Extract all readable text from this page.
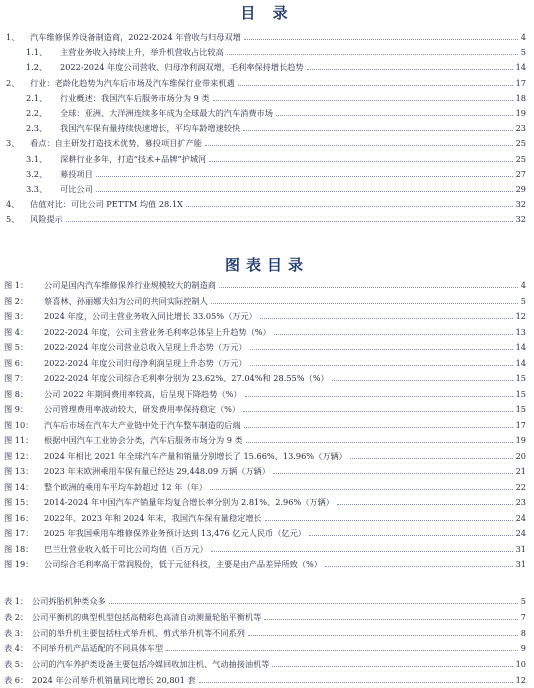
目 录
1、 汽车维修保养设备制造商，2022-2024 年营收与归母双增	4
1.1、 主营业务收入持续上升，举升机营收占比较高	5
1.2、 2022-2024 年度公司营收、归母净利润双增，毛利率保持增长趋势	14
2、 行业：老龄化趋势为汽车后市场及汽车维保行业带来机遇	17
2.1、 行业概述：我国汽车后服务市场分为 9 类	18
2.2、 全球：亚洲、大洋洲连续多年成为全球最大的汽车消费市场	19
2.3、 我国汽车保有量持续快速增长，平均车龄增速较快	23
3、 看点：自主研发打造技术优势，募投项目扩产能	25
3.1、 深耕行业多年，打造“技术+品牌”护城河	25
3.2、 募投项目	27
3.3、 可比公司	29
4、 估值对比：可比公司 PETTM 均值 28.1X	32
5、 风险提示	32
图表目录
图 1： 公司是国内汽车维修保养行业规模较大的制造商	4
图 2： 蔡喜林、孙丽娜夫妇为公司的共同实际控制人	5
图 3： 2024 年度，公司主营业务收入同比增长 33.05%（万元）	12
图 4： 2022-2024 年度，公司主营业务毛利率总体呈上升趋势（%）	13
图 5： 2022-2024 年度公司营业总收入呈现上升态势（万元）	14
图 6： 2022-2024 年度公司归母净利润呈现上升态势（万元）	14
图 7： 2022-2024 年度公司综合毛利率分别为 23.62%、27.04%和 28.55%（%）	15
图 8： 公司 2022 年期间费用率较高，后呈现下降趋势（%）	15
图 9： 公司管理费用率波动较大，研发费用率保持稳定（%）	15
图 10： 汽车后市场在汽车大产业链中处于汽车整车制造的后端	17
图 11： 根据中国汽车工业协会分类，汽车后服务市场分为 9 类	19
图 12： 2024 年相比 2021 年全球汽车产量和销量分别增长了 15.66%、13.96%（万辆）	20
图 13： 2023 年末欧洲乘用车保有量已经达 29,448.09 万辆（万辆）	21
图 14： 整个欧洲的乘用车平均车龄超过 12 年（年）	22
图 15： 2014-2024 年中国汽车产销量年均复合增长率分别为 2.81%、2.96%（万辆）	23
图 16： 2022年、2023 年和 2024 年末，我国汽车保有量稳定增长	24
图 17： 2025 年我国乘用车维修保养业务预计达到 13,476 亿元人民币（亿元）	24
图 18： 巴兰仕营业收入低于可比公司均值（百万元）	31
图 19： 公司综合毛利率高于常润股份，低于元征科技，主要是由产品差异所致（%）	31
表 1： 公司拆胎机种类众多	5
表 2： 公司平衡机的典型机型包括高精彩色高清自动测量轮胎平衡机等	7
表 3： 公司的举升机主要包括柱式举升机、剪式举升机等不同系列	8
表 4： 不同举升机产品适配的不同具体车型	9
表 5： 公司的汽车养护类设备主要包括冷媒回收加注机、气动抽接油机等	10
表 6： 2024 年公司举升机销量同比增长 20,801 套	12
